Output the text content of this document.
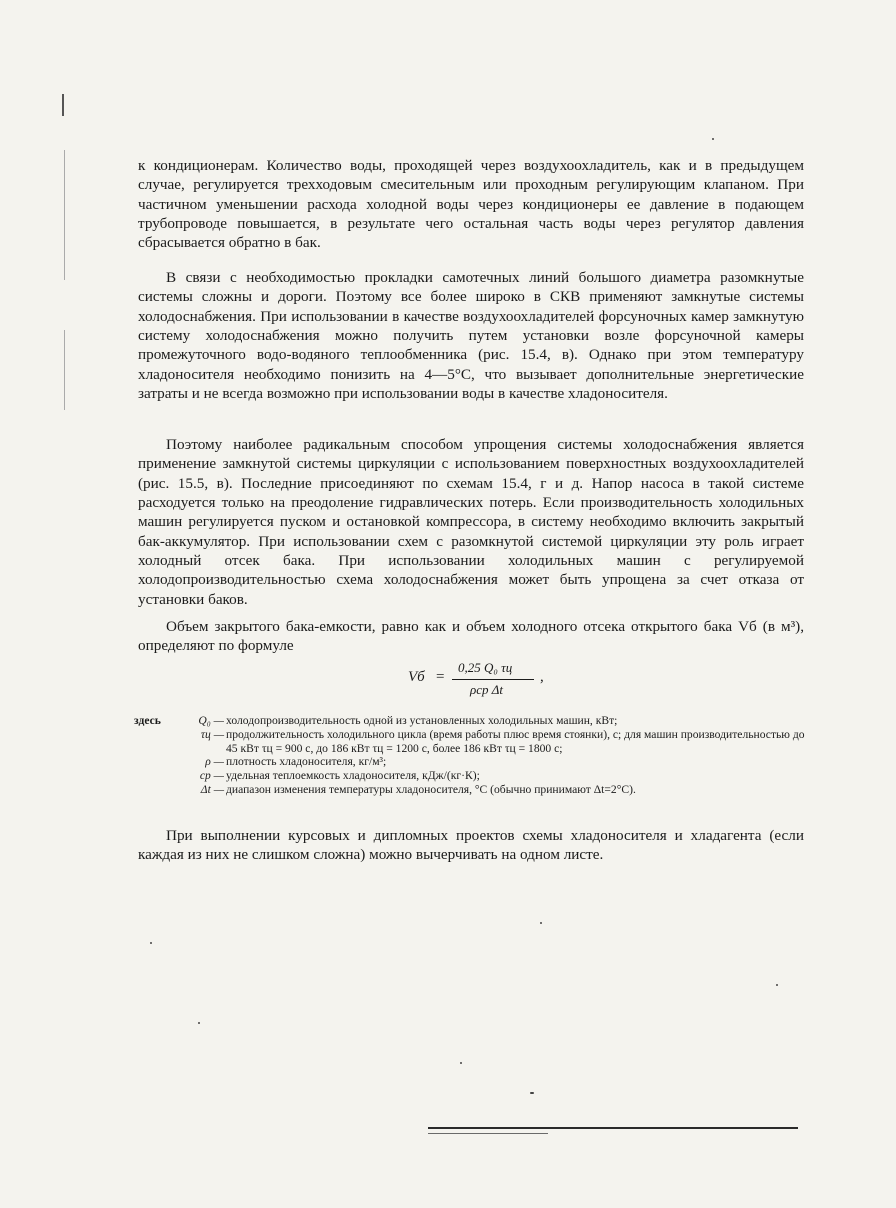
к кондиционерам. Количество воды, проходящей через воздухоохладитель, как и в предыдущем случае, регулируется трехходовым смесительным или проходным регулирующим клапаном. При частичном уменьшении расхода холодной воды через кондиционеры ее давление в подающем трубопроводе повышается, в результате чего остальная часть воды через регулятор давления сбрасывается обратно в бак.

В связи с необходимостью прокладки самотечных линий большого диаметра разомкнутые системы сложны и дороги. Поэтому все более широко в СКВ применяют замкнутые системы холодоснабжения. При использовании в качестве воздухоохладителей форсуночных камер замкнутую систему холодоснабжения можно получить путем установки возле форсуночной камеры промежуточного водо-водяного теплообменника (рис. 15.4, в). Однако при этом температуру хладоносителя необходимо понизить на 4—5°С, что вызывает дополнительные энергетические затраты и не всегда возможно при использовании воды в качестве хладоносителя.

Поэтому наиболее радикальным способом упрощения системы холодоснабжения является применение замкнутой системы циркуляции с использованием поверхностных воздухоохладителей (рис. 15.5, в). Последние присоединяют по схемам 15.4, г и д. Напор насоса в такой системе расходуется только на преодоление гидравлических потерь. Если производительность холодильных машин регулируется пуском и остановкой компрессора, в систему необходимо включить закрытый бак-аккумулятор. При использовании схем с разомкнутой системой циркуляции эту роль играет холодный отсек бака. При использовании холодильных машин с регулируемой холодопроизводительностью схема холодоснабжения может быть упрощена за счет отказа от установки баков.

Объем закрытого бака-емкости, равно как и объем холодного отсека открытого бака Vб (в м³), определяют по формуле

Vб =
0,25 Q₀ τц
ρcp Δt
,
здесь	Q₀ — холодопроизводительность одной из установленных холодильных машин, кВт;
τц — продолжительность холодильного цикла (время работы плюс время стоянки), с; для машин производительностью до 45 кВт τц = 900 с, до 186 кВт τц = 1200 с, более 186 кВт τц = 1800 с;
ρ — плотность хладоносителя, кг/м³;
cp — удельная теплоемкость хладоносителя, кДж/(кг·К);
Δt — диапазон изменения температуры хладоносителя, °С (обычно принимают Δt=2°С).

При выполнении курсовых и дипломных проектов схемы хладоносителя и хладагента (если каждая из них не слишком сложна) можно вычерчивать на одном листе.
